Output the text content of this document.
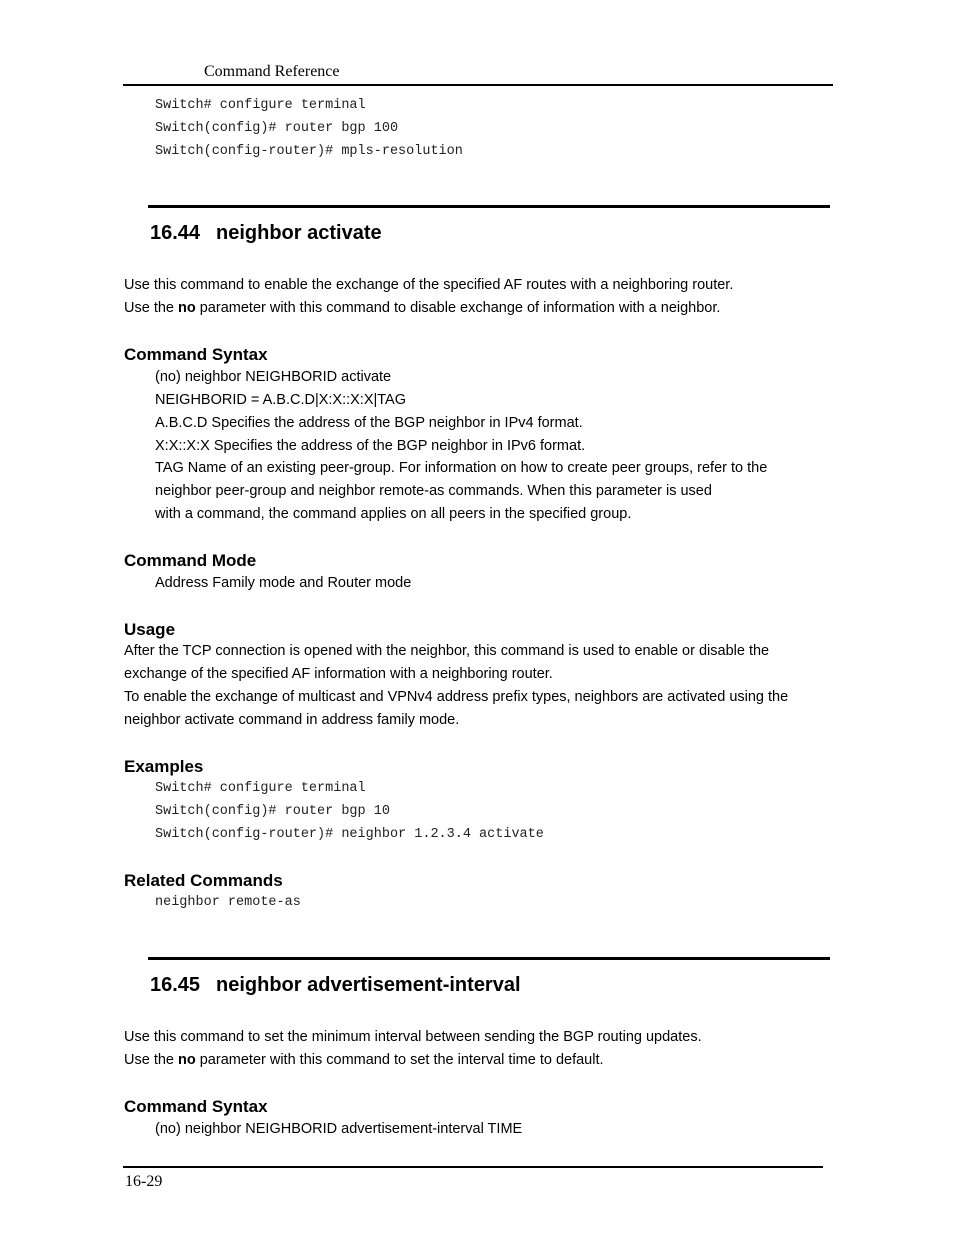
Command Reference
Switch# configure terminal
Switch(config)# router bgp 100
Switch(config-router)# mpls-resolution
16.44 neighbor activate
Use this command to enable the exchange of the specified AF routes with a neighboring router.
Use the no parameter with this command to disable exchange of information with a neighbor.
Command Syntax
(no) neighbor NEIGHBORID activate
NEIGHBORID = A.B.C.D|X:X::X:X|TAG
A.B.C.D Specifies the address of the BGP neighbor in IPv4 format.
X:X::X:X Specifies the address of the BGP neighbor in IPv6 format.
TAG Name of an existing peer-group. For information on how to create peer groups, refer to the
neighbor peer-group and neighbor remote-as commands. When this parameter is used
with a command, the command applies on all peers in the specified group.
Command Mode
Address Family mode and Router mode
Usage
After the TCP connection is opened with the neighbor, this command is used to enable or disable the
exchange of the specified AF information with a neighboring router.
To enable the exchange of multicast and VPNv4 address prefix types, neighbors are activated using the
neighbor activate command in address family mode.
Examples
Switch# configure terminal
Switch(config)# router bgp 10
Switch(config-router)# neighbor 1.2.3.4 activate
Related Commands
neighbor remote-as
16.45 neighbor advertisement-interval
Use this command to set the minimum interval between sending the BGP routing updates.
Use the no parameter with this command to set the interval time to default.
Command Syntax
(no) neighbor NEIGHBORID advertisement-interval TIME
16-29
